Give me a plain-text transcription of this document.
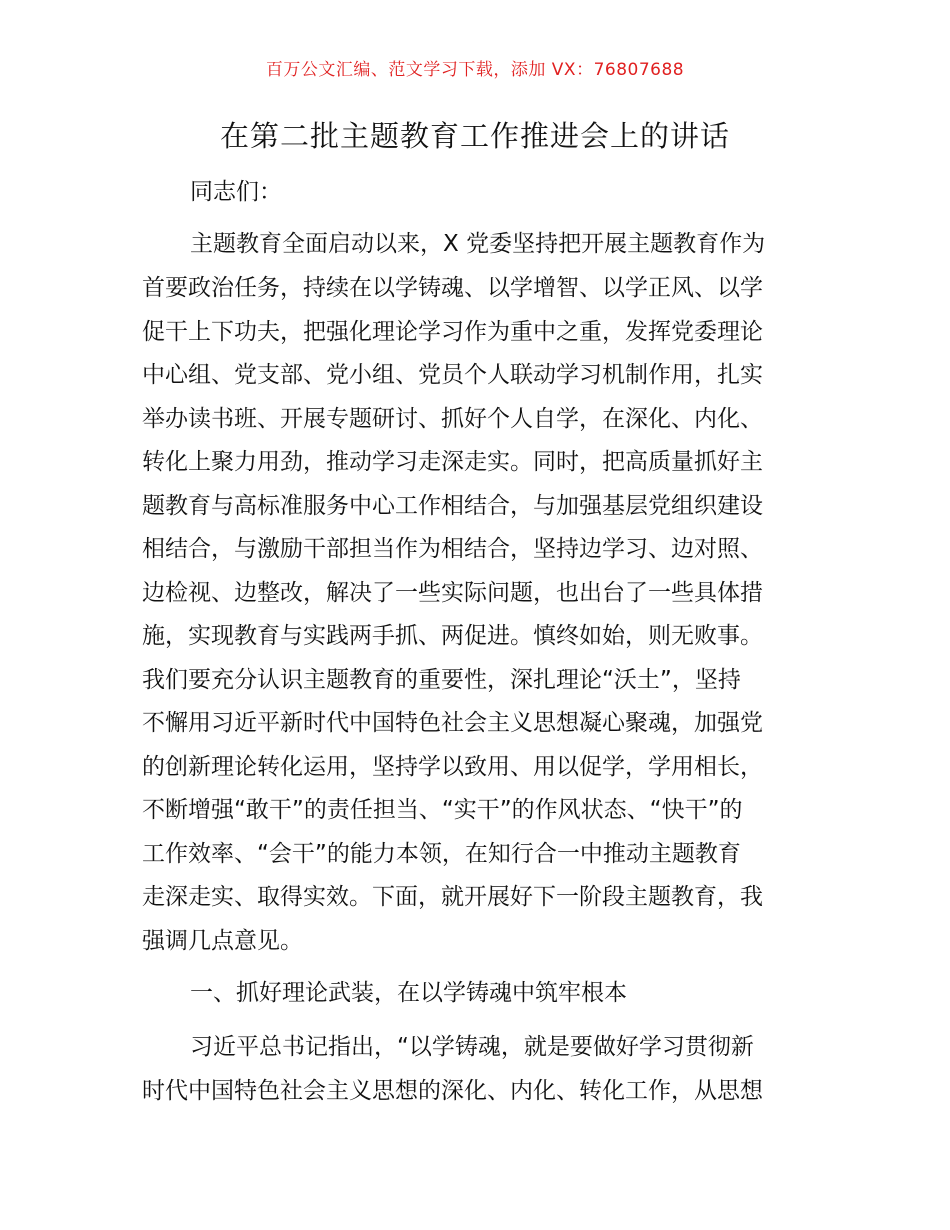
百万公文汇编、范文学习下载，添加 VX：76807688
在第二批主题教育工作推进会上的讲话
同志们：
主题教育全面启动以来，X 党委坚持把开展主题教育作为
首要政治任务，持续在以学铸魂、以学增智、以学正风、以学
促干上下功夫，把强化理论学习作为重中之重，发挥党委理论
中心组、党支部、党小组、党员个人联动学习机制作用，扎实
举办读书班、开展专题研讨、抓好个人自学，在深化、内化、
转化上聚力用劲，推动学习走深走实。同时，把高质量抓好主
题教育与高标准服务中心工作相结合，与加强基层党组织建设
相结合，与激励干部担当作为相结合，坚持边学习、边对照、
边检视、边整改，解决了一些实际问题，也出台了一些具体措
施，实现教育与实践两手抓、两促进。慎终如始，则无败事。
我们要充分认识主题教育的重要性，深扎理论“沃土”，坚持
不懈用习近平新时代中国特色社会主义思想凝心聚魂，加强党
的创新理论转化运用，坚持学以致用、用以促学，学用相长，
不断增强“敢干”的责任担当、“实干”的作风状态、“快干”的
工作效率、“会干”的能力本领，在知行合一中推动主题教育
走深走实、取得实效。下面，就开展好下一阶段主题教育，我
强调几点意见。
一、抓好理论武装，在以学铸魂中筑牢根本
习近平总书记指出，“以学铸魂，就是要做好学习贯彻新
时代中国特色社会主义思想的深化、内化、转化工作，从思想
